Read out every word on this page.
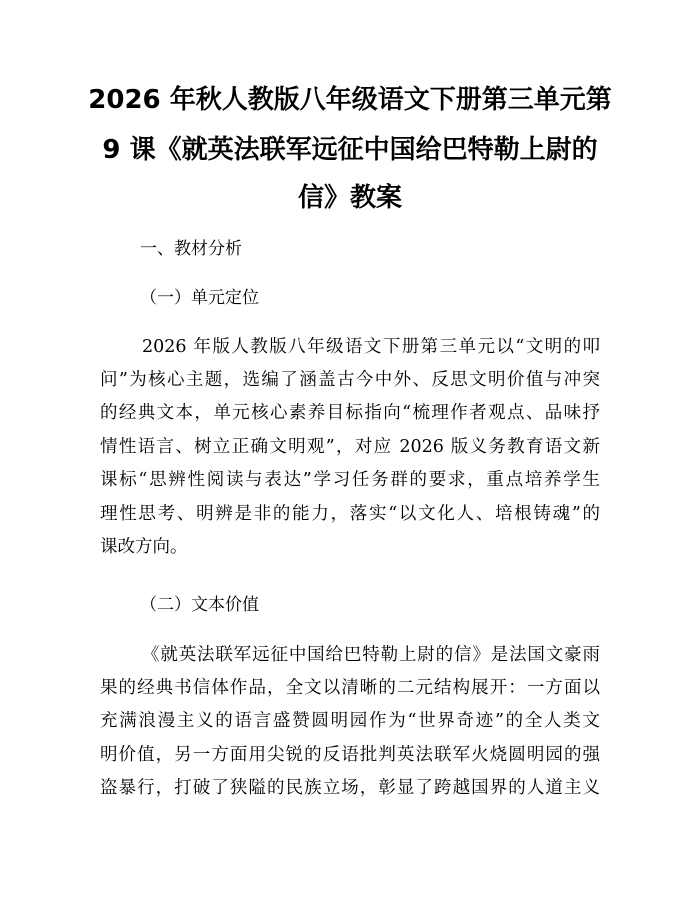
2026 年秋人教版八年级语文下册第三单元第
9 课《就英法联军远征中国给巴特勒上尉的
信》教案
一、教材分析
（一）单元定位
2026 年版人教版八年级语文下册第三单元以“文明的叩
问”为核心主题，选编了涵盖古今中外、反思文明价值与冲突
的经典文本，单元核心素养目标指向“梳理作者观点、品味抒
情性语言、树立正确文明观”，对应 2026 版义务教育语文新
课标“思辨性阅读与表达”学习任务群的要求，重点培养学生
理性思考、明辨是非的能力，落实“以文化人、培根铸魂”的
课改方向。
（二）文本价值
《就英法联军远征中国给巴特勒上尉的信》是法国文豪雨
果的经典书信体作品，全文以清晰的二元结构展开：一方面以
充满浪漫主义的语言盛赞圆明园作为“世界奇迹”的全人类文
明价值，另一方面用尖锐的反语批判英法联军火烧圆明园的强
盗暴行，打破了狭隘的民族立场，彰显了跨越国界的人道主义
